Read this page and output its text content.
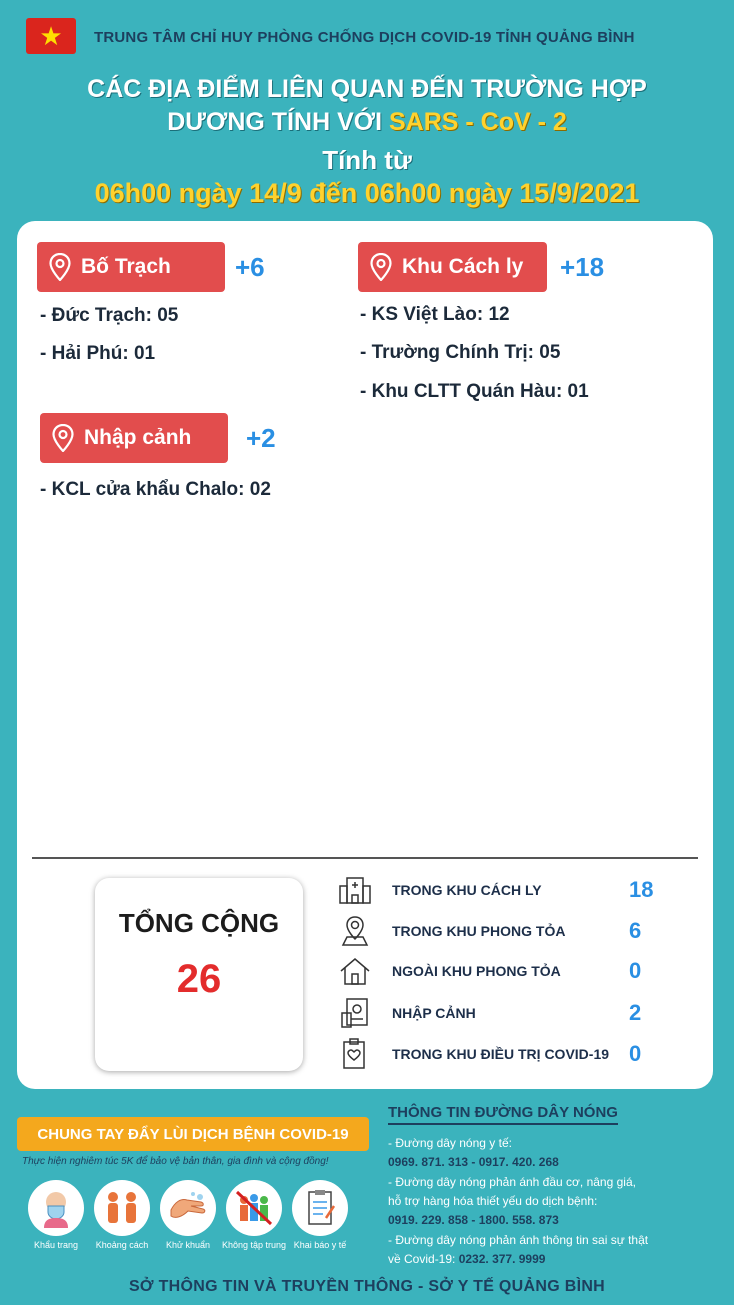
★ TRUNG TÂM CHỈ HUY PHÒNG CHỐNG DỊCH COVID-19 TỈNH QUẢNG BÌNH
CÁC ĐỊA ĐIỂM LIÊN QUAN ĐẾN TRƯỜNG HỢP
DƯƠNG TÍNH VỚI SARS - CoV - 2
Tính từ
06h00 ngày 14/9 đến 06h00 ngày 15/9/2021
Bố Trạch +6
- Đức Trạch: 05
- Hải Phú: 01
Khu Cách ly +18
- KS Việt Lào: 12
- Trường Chính Trị: 05
- Khu CLTT Quán Hàu: 01
Nhập cảnh +2
- KCL cửa khẩu Chalo: 02
TỔNG CỘNG
26
TRONG KHU CÁCH LY	18
TRONG KHU PHONG TỎA	6
NGOÀI KHU PHONG TỎA	0
NHẬP CẢNH	2
TRONG KHU ĐIỀU TRỊ COVID-19 0
CHUNG TAY ĐẨY LÙI DỊCH BỆNH COVID-19
Thực hiện nghiêm túc 5K để bảo vệ bản thân, gia đình và cộng đồng!
Khẩu trang	Khoảng cách	Khử khuẩn	Không tập trung Khai báo y tế
THÔNG TIN ĐƯỜNG DÂY NÓNG
- Đường dây nóng y tế:
0969. 871. 313 - 0917. 420. 268
- Đường dây nóng phản ánh đầu cơ, nâng giá,
hỗ trợ hàng hóa thiết yếu do dịch bệnh:
0919. 229. 858 - 1800. 558. 873
- Đường dây nóng phản ánh thông tin sai sự thật
về Covid-19: 0232. 377. 9999
SỞ THÔNG TIN VÀ TRUYỀN THÔNG - SỞ Y TẾ QUẢNG BÌNH
